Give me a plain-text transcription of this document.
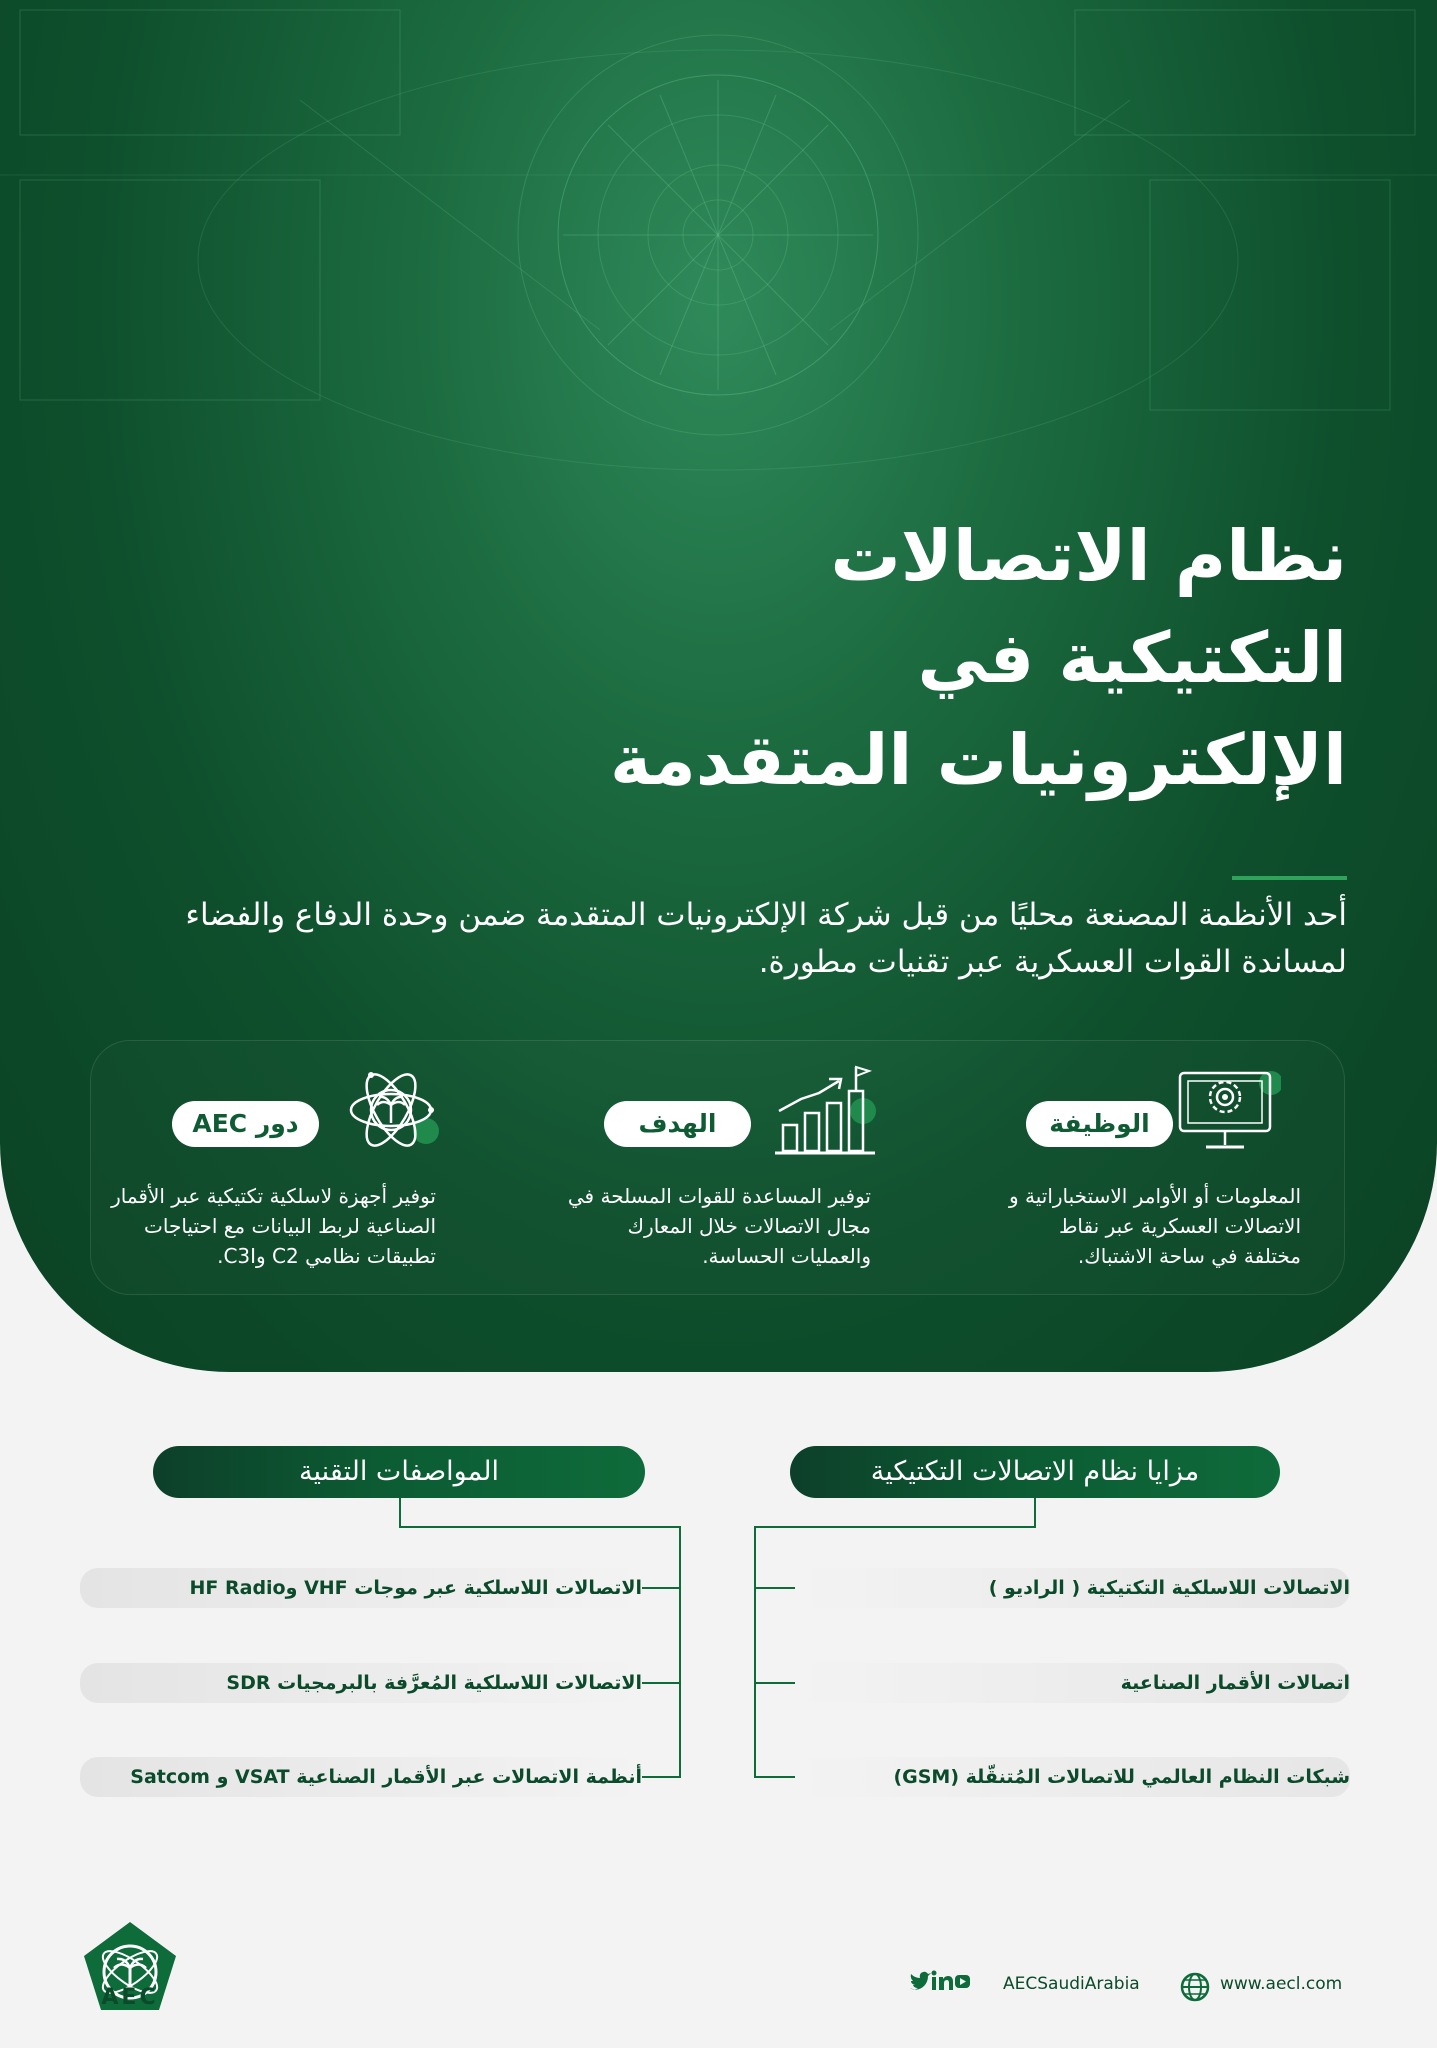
نظام الاتصالات
التكتيكية في
الإلكترونيات المتقدمة
أحد الأنظمة المصنعة محليًا من قبل شركة الإلكترونيات المتقدمة ضمن وحدة الدفاع والفضاء لمساندة القوات العسكرية عبر تقنيات مطورة.
الوظيفة
المعلومات أو الأوامر الاستخباراتية و الاتصالات العسكرية عبر نقاط مختلفة في ساحة الاشتباك.
الهدف
توفير المساعدة للقوات المسلحة في مجال الاتصالات خلال المعارك والعمليات الحساسة.
دور AEC
توفير أجهزة لاسلكية تكتيكية عبر الأقمار الصناعية لربط البيانات مع احتياجات تطبيقات نظامي C2 وC3I.
مزايا نظام الاتصالات التكتيكية
المواصفات التقنية
الاتصالات اللاسلكية التكتيكية ( الراديو )
اتصالات الأقمار الصناعية
شبكات النظام العالمي للاتصالات المُتنقّلة (GSM)
الاتصالات اللاسلكية عبر موجات VHF وHF Radio
الاتصالات اللاسلكية المُعرَّفة بالبرمجيات SDR
أنظمة الاتصالات عبر الأقمار الصناعية VSAT و Satcom
AEC
AECSaudiArabia	www.aecl.com
